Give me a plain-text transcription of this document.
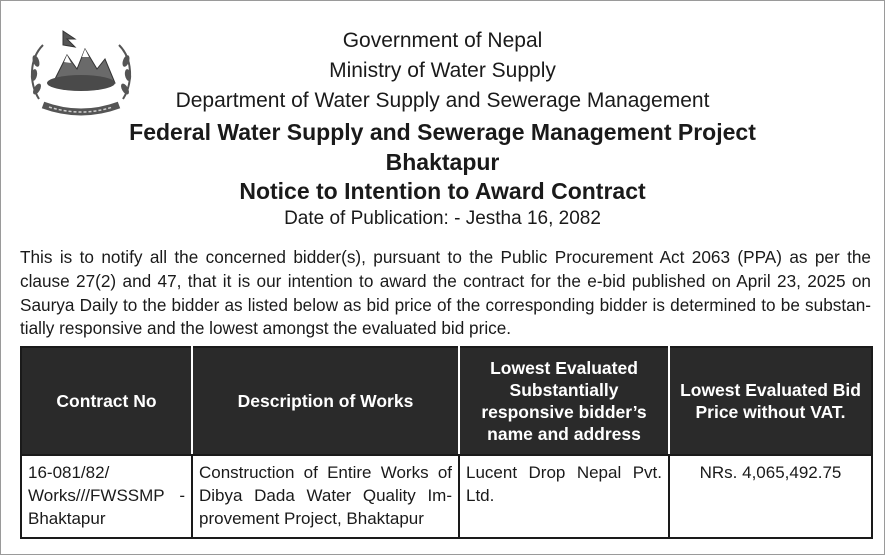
Government of Nepal
Ministry of Water Supply
Department of Water Supply and Sewerage Management
Federal Water Supply and Sewerage Management Project
Bhaktapur
Notice to Intention to Award Contract
Date of Publication: - Jestha 16, 2082
This is to notify all the concerned bidder(s), pursuant to the Public Procurement Act 2063 (PPA) as per the clause 27(2) and 47, that it is our intention to award the contract for the e-bid published on April 23, 2025 on Saurya Daily to the bidder as listed below as bid price of the corresponding bidder is determined to be substantially responsive and the lowest amongst the evaluated bid price.
Contract No	Description of Works	Lowest Evaluated Substantially responsive bidder’s name and address	Lowest Evaluated Bid Price without VAT.
16-081/82/ Works///FWSSMP -Bhaktapur	Construction of Entire Works of Dibya Dada Water Quality Improvement Project, Bhaktapur	Lucent Drop Nepal Pvt. Ltd.	NRs. 4,065,492.75
